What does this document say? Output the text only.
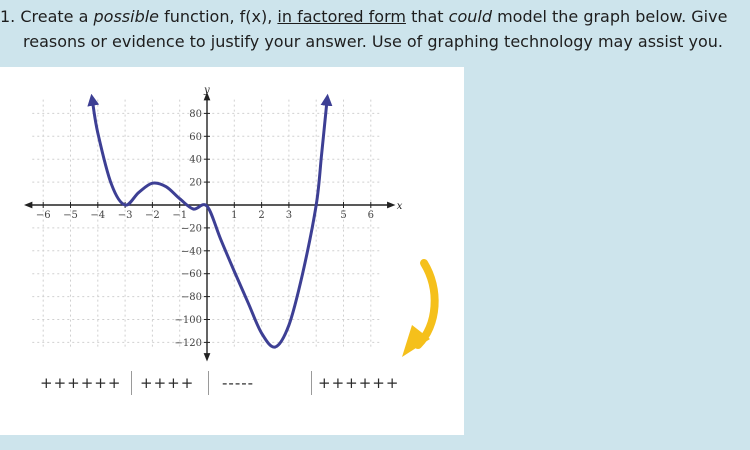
1. Create a possible function, f(x), in factored form that could model the graph below. Give
reasons or evidence to justify your answer. Use of graphing technology may assist you.
−6 −5 −4 −3 −2 −1	1 2 3	5 6
80
60
40
20
−20
−40
−60
−80
−100
−120
x
y
++++++ ++++ -----	++++++
